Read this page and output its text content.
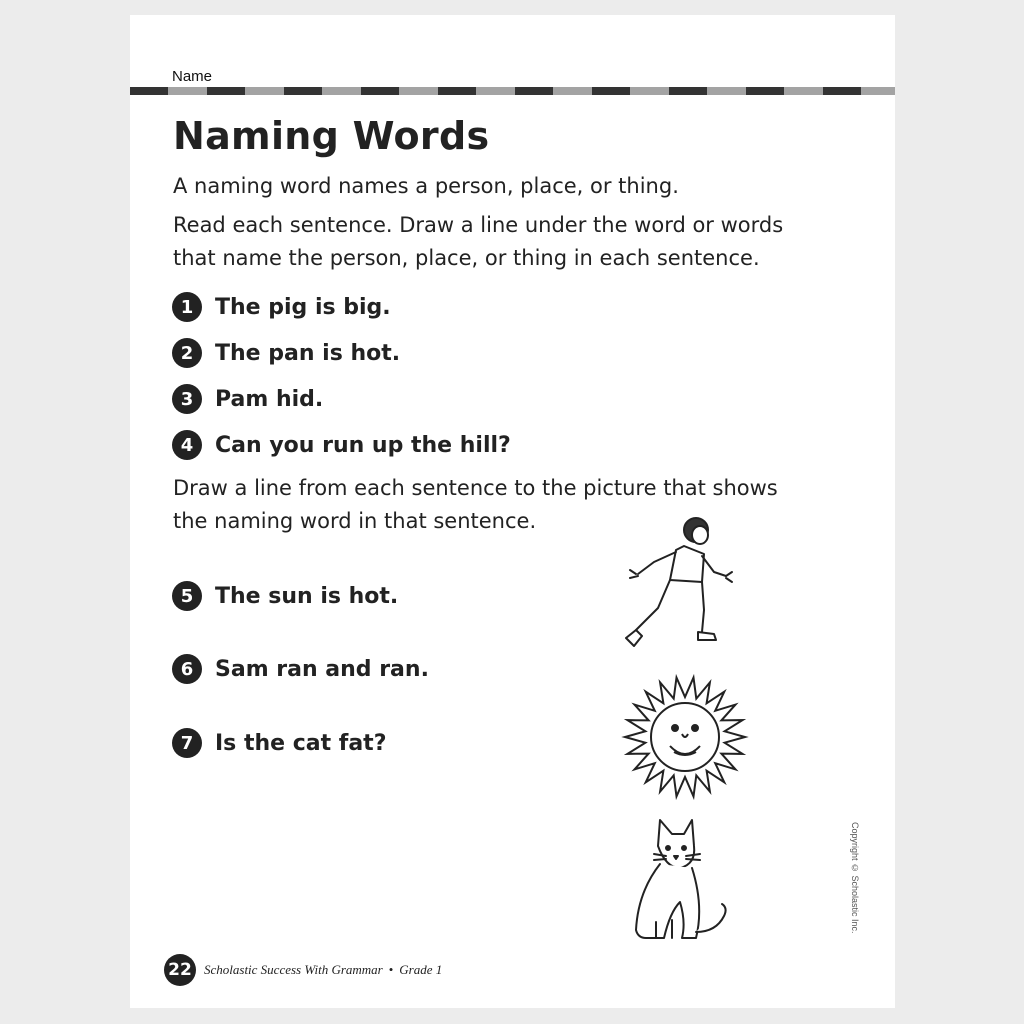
Name
Naming Words
A naming word names a person, place, or thing.
Read each sentence. Draw a line under the word or words
that name the person, place, or thing in each sentence.
1 The pig is big.
2 The pan is hot.
3 Pam hid.
4 Can you run up the hill?
Draw a line from each sentence to the picture that shows
the naming word in that sentence.
5 The sun is hot.
6 Sam ran and ran.
7 Is the cat fat?
Copyright © Scholastic Inc.
22 Scholastic Success With Grammar • Grade 1
